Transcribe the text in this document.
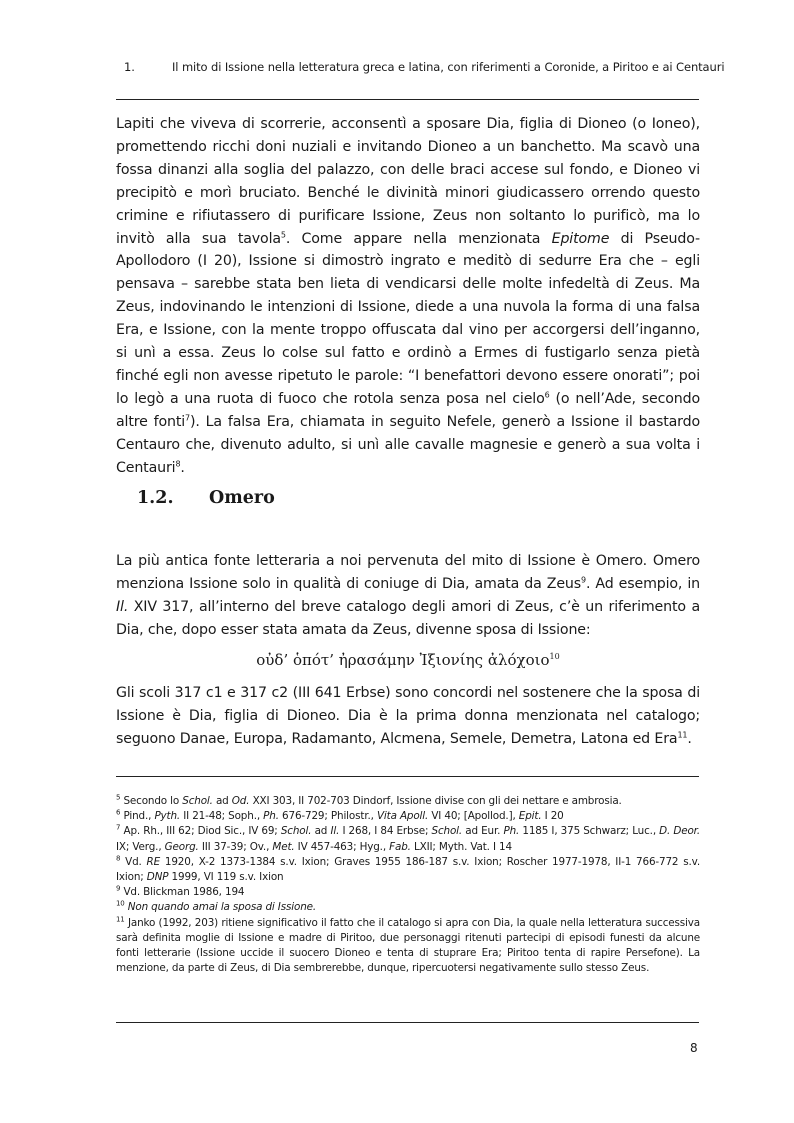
1.	Il mito di Issione nella letteratura greca e latina, con riferimenti a Coronide, a Piritoo e ai Centauri

Lapiti che viveva di scorrerie, acconsentì a sposare Dia, figlia di Dioneo (o Ioneo), promettendo ricchi doni nuziali e invitando Dioneo a un banchetto. Ma scavò una fossa dinanzi alla soglia del palazzo, con delle braci accese sul fondo, e Dioneo vi precipitò e morì bruciato. Benché le divinità minori giudicassero orrendo questo crimine e rifiutassero di purificare Issione, Zeus non soltanto lo purificò, ma lo invitò alla sua tavola$^5$. Come appare nella menzionata Epitome di Pseudo-Apollodoro (I 20), Issione si dimostrò ingrato e meditò di sedurre Era che – egli pensava – sarebbe stata ben lieta di vendicarsi delle molte infedeltà di Zeus. Ma Zeus, indovinando le intenzioni di Issione, diede a una nuvola la forma di una falsa Era, e Issione, con la mente troppo offuscata dal vino per accorgersi dell’inganno, si unì a essa. Zeus lo colse sul fatto e ordinò a Ermes di fustigarlo senza pietà finché egli non avesse ripetuto le parole: “I benefattori devono essere onorati”; poi lo legò a una ruota di fuoco che rotola senza posa nel cielo$^6$ (o nell’Ade, secondo altre fonti$^7$). La falsa Era, chiamata in seguito Nefele, generò a Issione il bastardo Centauro che, divenuto adulto, si unì alle cavalle magnesie e generò a sua volta i Centauri$^8$.

1.2. Omero

La più antica fonte letteraria a noi pervenuta del mito di Issione è Omero. Omero menziona Issione solo in qualità di coniuge di Dia, amata da Zeus$^9$. Ad esempio, in Il. XIV 317, all’interno del breve catalogo degli amori di Zeus, c’è un riferimento a Dia, che, dopo esser stata amata da Zeus, divenne sposa di Issione:

οὐδ’ ὁπότ’ ἠρασάμην Ἰξιονίης ἀλόχοιο$^{10}$

Gli scoli 317 c1 e 317 c2 (III 641 Erbse) sono concordi nel sostenere che la sposa di Issione è Dia, figlia di Dioneo. Dia è la prima donna menzionata nel catalogo; seguono Danae, Europa, Radamanto, Alcmena, Semele, Demetra, Latona ed Era$^{11}$.

$^5$ Secondo lo Schol. ad Od. XXI 303, II 702-703 Dindorf, Issione divise con gli dei nettare e ambrosia.

$^6$ Pind., Pyth. II 21-48; Soph., Ph. 676-729; Philostr., Vita Apoll. VI 40; [Apollod.], Epit. I 20

$^7$ Ap. Rh., III 62; Diod Sic., IV 69; Schol. ad Il. I 268, I 84 Erbse; Schol. ad Eur. Ph. 1185 I, 375 Schwarz; Luc., D. Deor. IX; Verg., Georg. III 37-39; Ov., Met. IV 457-463; Hyg., Fab. LXII; Myth. Vat. I 14

$^8$ Vd. RE 1920, X-2 1373-1384 s.v. Ixion; Graves 1955 186-187 s.v. Ixion; Roscher 1977-1978, II-1 766-772 s.v. Ixion; DNP 1999, VI 119 s.v. Ixion

$^9$ Vd. Blickman 1986, 194

$^{10}$ Non quando amai la sposa di Issione.

$^{11}$ Janko (1992, 203) ritiene significativo il fatto che il catalogo si apra con Dia, la quale nella letteratura successiva sarà definita moglie di Issione e madre di Piritoo, due personaggi ritenuti partecipi di episodi funesti da alcune fonti letterarie (Issione uccide il suocero Dioneo e tenta di stuprare Era; Piritoo tenta di rapire Persefone). La menzione, da parte di Zeus, di Dia sembrerebbe, dunque, ripercuotersi negativamente sullo stesso Zeus.

8
